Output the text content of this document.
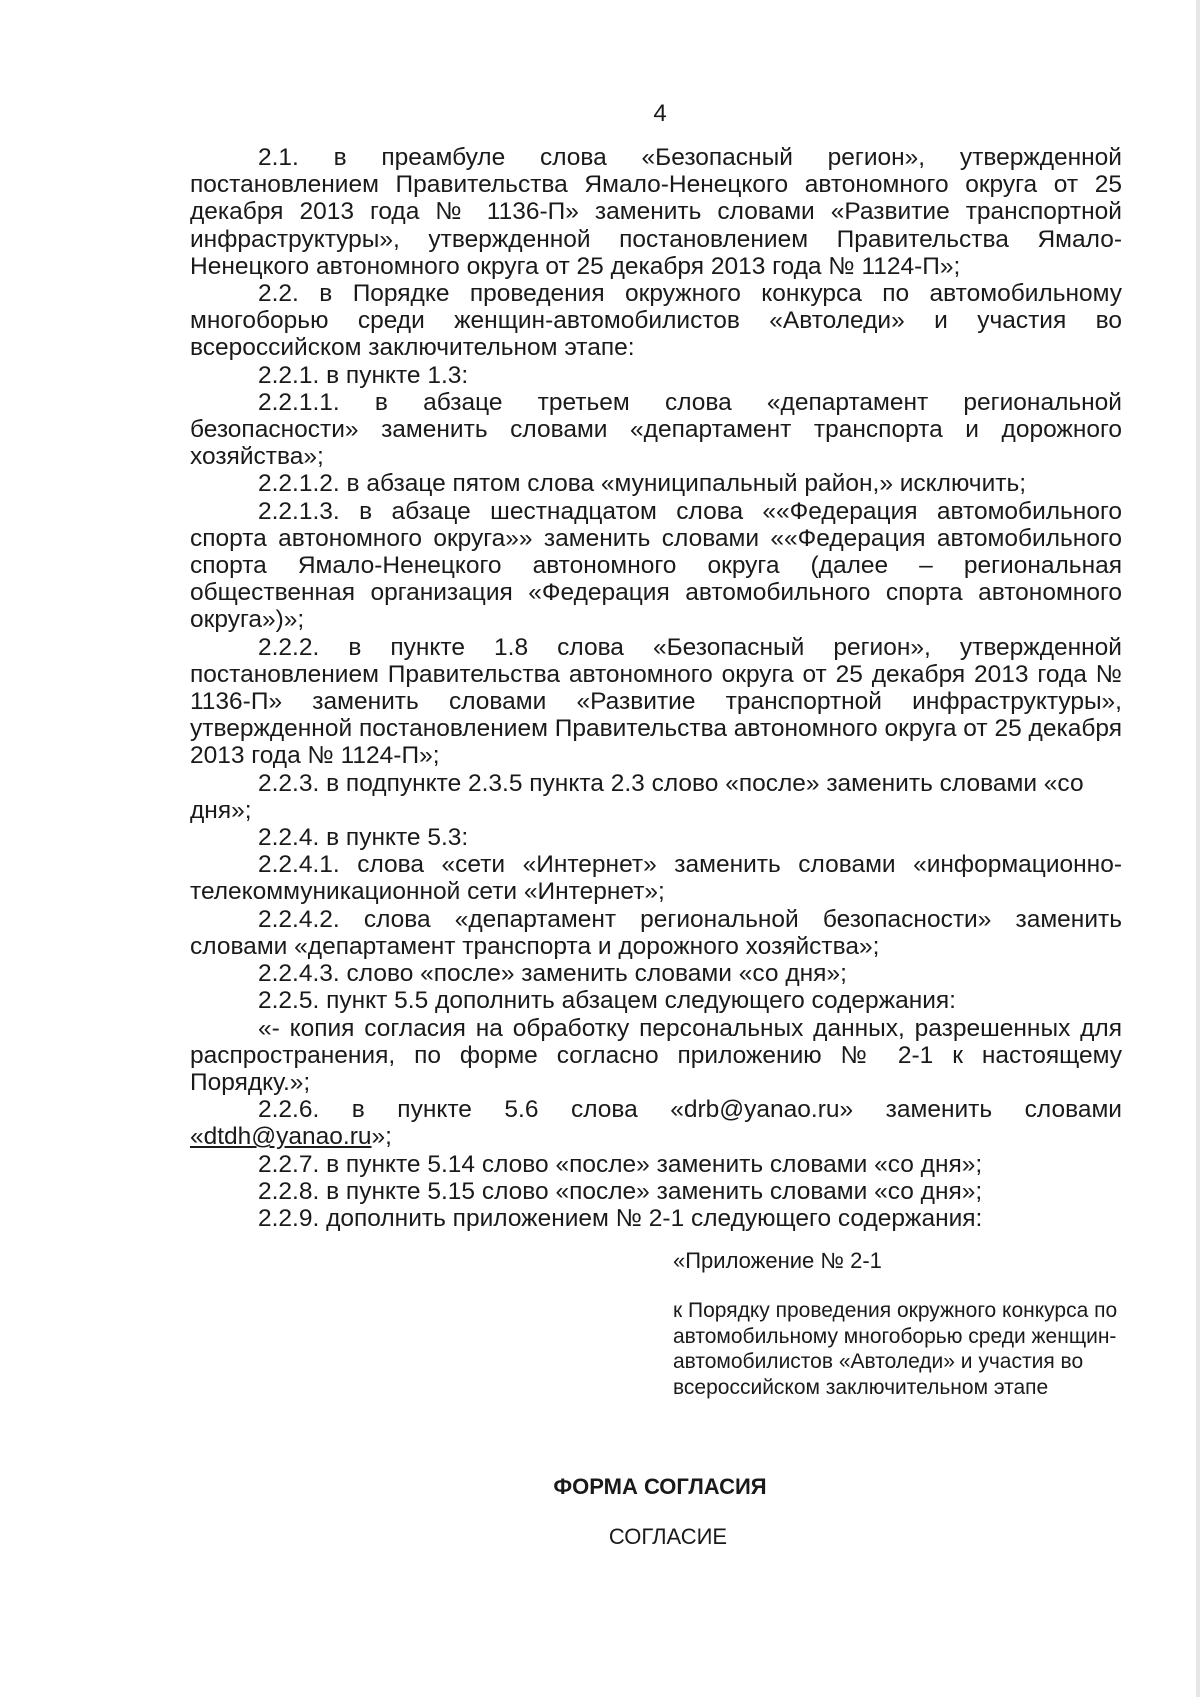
4

2.1. в преамбуле слова «Безопасный регион», утвержденной постановлением Правительства Ямало-Ненецкого автономного округа от 25 декабря 2013 года № 1136-П» заменить словами «Развитие транспортной инфраструктуры», утвержденной постановлением Правительства Ямало-Ненецкого автономного округа от 25 декабря 2013 года № 1124-П»;

2.2. в Порядке проведения окружного конкурса по автомобильному многоборью среди женщин-автомобилистов «Автоледи» и участия во всероссийском заключительном этапе:

2.2.1. в пункте 1.3:

2.2.1.1. в абзаце третьем слова «департамент региональной безопасности» заменить словами «департамент транспорта и дорожного хозяйства»;

2.2.1.2. в абзаце пятом слова «муниципальный район,» исключить;

2.2.1.3. в абзаце шестнадцатом слова ««Федерация автомобильного спорта автономного округа»» заменить словами ««Федерация автомобильного спорта Ямало-Ненецкого автономного округа (далее – региональная общественная организация «Федерация автомобильного спорта автономного округа»)»;

2.2.2. в пункте 1.8 слова «Безопасный регион», утвержденной постановлением Правительства автономного округа от 25 декабря 2013 года № 1136-П» заменить словами «Развитие транспортной инфраструктуры», утвержденной постановлением Правительства автономного округа от 25 декабря 2013 года № 1124-П»;

2.2.3. в подпункте 2.3.5 пункта 2.3 слово «после» заменить словами «со дня»;

2.2.4. в пункте 5.3:

2.2.4.1. слова «сети «Интернет» заменить словами «информационно-телекоммуникационной сети «Интернет»;

2.2.4.2. слова «департамент региональной безопасности» заменить словами «департамент транспорта и дорожного хозяйства»;

2.2.4.3. слово «после» заменить словами «со дня»;

2.2.5. пункт 5.5 дополнить абзацем следующего содержания:

«- копия согласия на обработку персональных данных, разрешенных для распространения, по форме согласно приложению № 2-1 к настоящему Порядку.»;

2.2.6. в пункте 5.6 слова «drb@yanao.ru» заменить словами «dtdh@yanao.ru»;

2.2.7. в пункте 5.14 слово «после» заменить словами «со дня»;

2.2.8. в пункте 5.15 слово «после» заменить словами «со дня»;

2.2.9. дополнить приложением № 2-1 следующего содержания:

«Приложение № 2-1
к Порядку проведения окружного конкурса по автомобильному многоборью среди женщин-автомобилистов «Автоледи» и участия во всероссийском заключительном этапе
ФОРМА СОГЛАСИЯ
СОГЛАСИЕ
